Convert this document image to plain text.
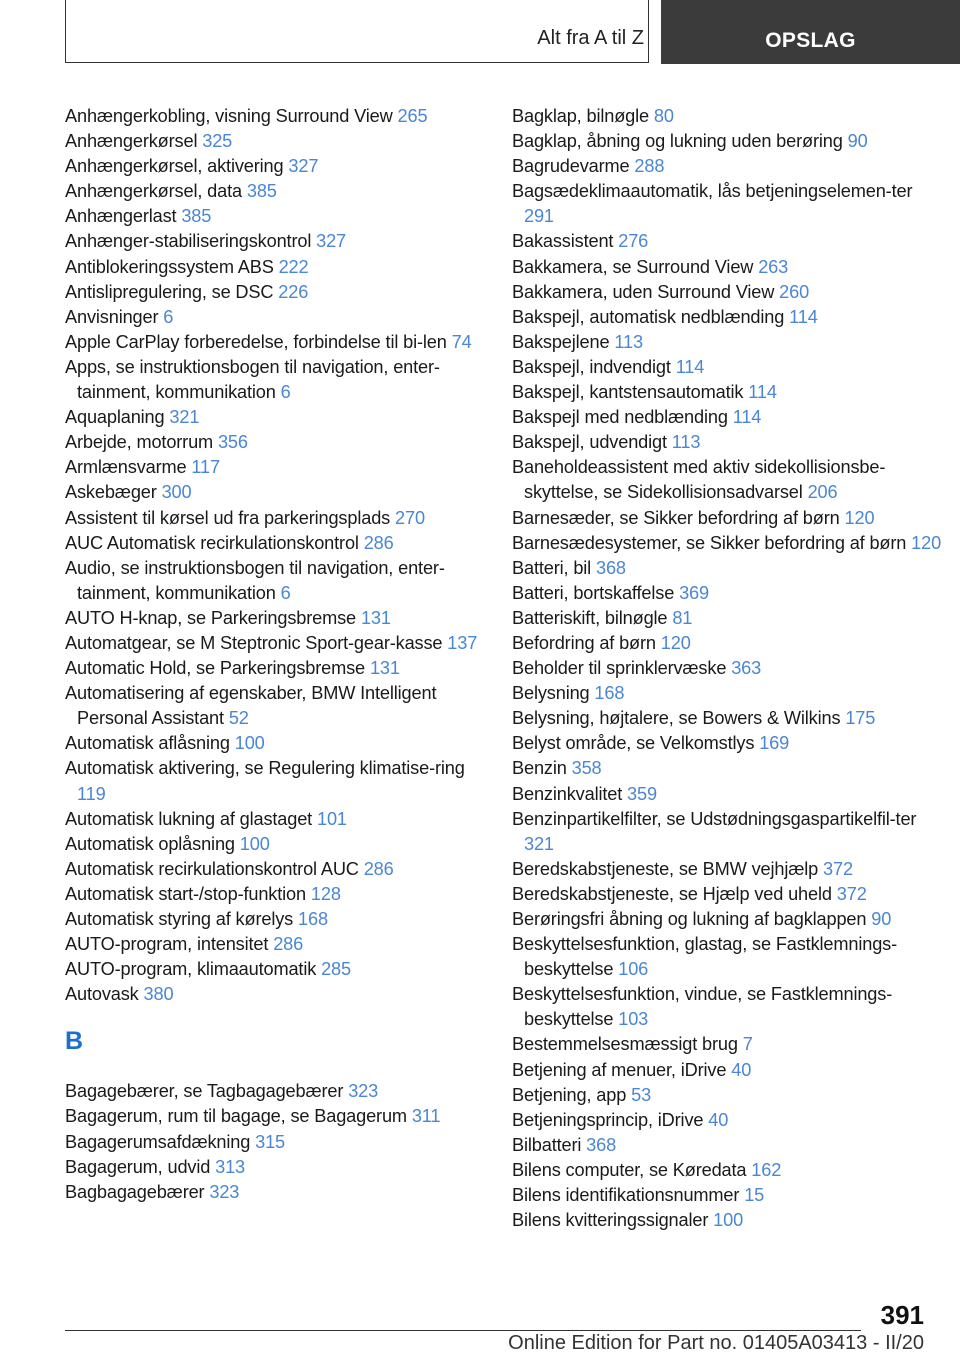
Alt fra A til Z	OPSLAG
Anhængerkobling, visning Surround View 265
Anhængerkørsel 325
Anhængerkørsel, aktivering 327
Anhængerkørsel, data 385
Anhængerlast 385
Anhænger-stabiliseringskontrol 327
Antiblokeringssystem ABS 222
Antislipregulering, se DSC 226
Anvisninger 6
Apple CarPlay forberedelse, forbindelse til bi‐len 74
Apps, se instruktionsbogen til navigation, enter‐tainment, kommunikation 6
Aquaplaning 321
Arbejde, motorrum 356
Armlænsvarme 117
Askebæger 300
Assistent til kørsel ud fra parkeringsplads 270
AUC Automatisk recirkulationskontrol 286
Audio, se instruktionsbogen til navigation, enter‐tainment, kommunikation 6
AUTO H-knap, se Parkeringsbremse 131
Automatgear, se M Steptronic Sport-gear‐kasse 137
Automatic Hold, se Parkeringsbremse 131
Automatisering af egenskaber, BMW Intelligent Personal Assistant 52
Automatisk aflåsning 100
Automatisk aktivering, se Regulering klimatise‐ring 119
Automatisk lukning af glastaget 101
Automatisk oplåsning 100
Automatisk recirkulationskontrol AUC 286
Automatisk start-/stop-funktion 128
Automatisk styring af kørelys 168
AUTO-program, intensitet 286
AUTO-program, klimaautomatik 285
Autovask 380
B
Bagagebærer, se Tagbagagebærer 323
Bagagerum, rum til bagage, se Bagagerum 311
Bagagerumsafdækning 315
Bagagerum, udvid 313
Bagbagagebærer 323
Bagklap, bilnøgle 80
Bagklap, åbning og lukning uden berøring 90
Bagrudevarme 288
Bagsædeklimaautomatik, lås betjeningselemen‐ter 291
Bakassistent 276
Bakkamera, se Surround View 263
Bakkamera, uden Surround View 260
Bakspejl, automatisk nedblænding 114
Bakspejlene 113
Bakspejl, indvendigt 114
Bakspejl, kantstensautomatik 114
Bakspejl med nedblænding 114
Bakspejl, udvendigt 113
Baneholdeassistent med aktiv sidekollisionsbe‐skyttelse, se Sidekollisionsadvarsel 206
Barnesæder, se Sikker befordring af børn 120
Barnesædesystemer, se Sikker befordring af børn 120
Batteri, bil 368
Batteri, bortskaffelse 369
Batteriskift, bilnøgle 81
Befordring af børn 120
Beholder til sprinklervæske 363
Belysning 168
Belysning, højtalere, se Bowers & Wilkins 175
Belyst område, se Velkomstlys 169
Benzin 358
Benzinkvalitet 359
Benzinpartikelfilter, se Udstødningsgaspartikelfil‐ter 321
Beredskabstjeneste, se BMW vejhjælp 372
Beredskabstjeneste, se Hjælp ved uheld 372
Berøringsfri åbning og lukning af bagklappen 90
Beskyttelsesfunktion, glastag, se Fastklemnings‐beskyttelse 106
Beskyttelsesfunktion, vindue, se Fastklemnings‐beskyttelse 103
Bestemmelsesmæssigt brug 7
Betjening af menuer, iDrive 40
Betjening, app 53
Betjeningsprincip, iDrive 40
Bilbatteri 368
Bilens computer, se Køredata 162
Bilens identifikationsnummer 15
Bilens kvitteringssignaler 100
391
Online Edition for Part no. 01405A03413 - II/20
